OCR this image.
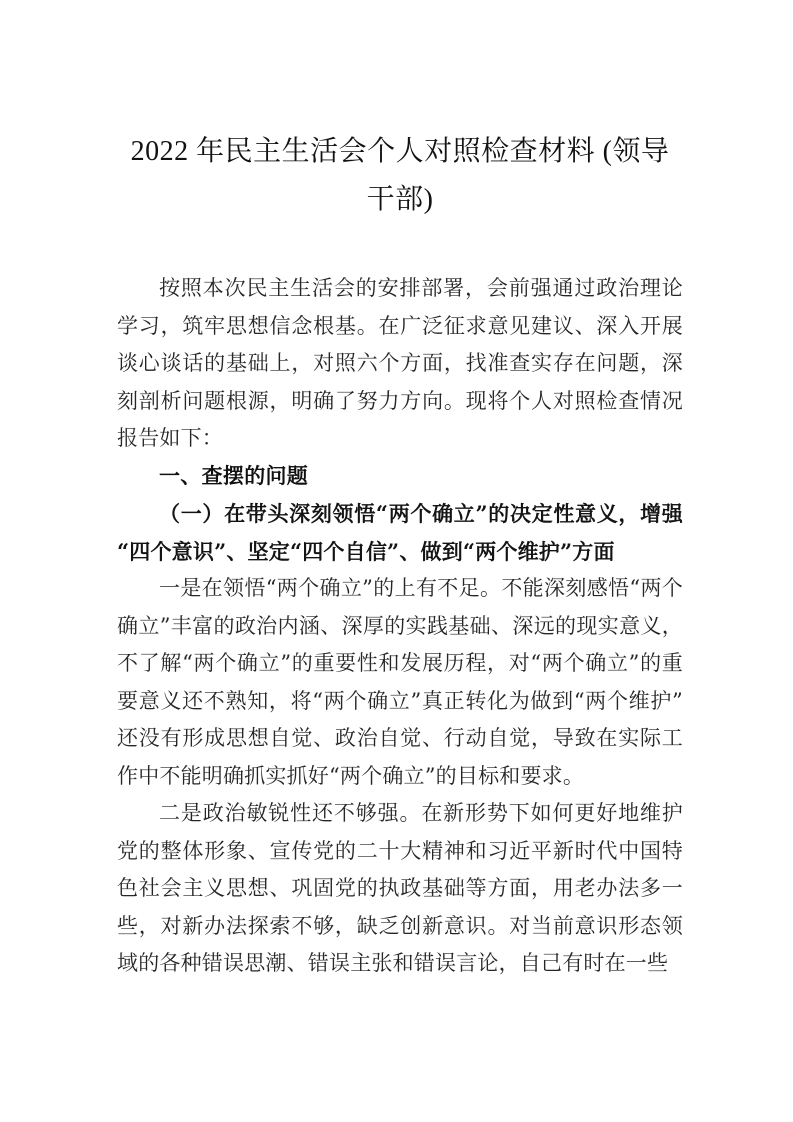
2022 年民主生活会个人对照检查材料 (领导干部)

按照本次民主生活会的安排部署，会前强通过政治理论学习，筑牢思想信念根基。在广泛征求意见建议、深入开展谈心谈话的基础上，对照六个方面，找准查实存在问题，深刻剖析问题根源，明确了努力方向。现将个人对照检查情况报告如下：

一、查摆的问题
（一）在带头深刻领悟“两个确立”的决定性意义，增强“四个意识”、坚定“四个自信”、做到“两个维护”方面

一是在领悟“两个确立”的上有不足。不能深刻感悟“两个确立”丰富的政治内涵、深厚的实践基础、深远的现实意义，不了解“两个确立”的重要性和发展历程，对“两个确立”的重要意义还不熟知，将“两个确立”真正转化为做到“两个维护”还没有形成思想自觉、政治自觉、行动自觉，导致在实际工作中不能明确抓实抓好“两个确立”的目标和要求。

二是政治敏锐性还不够强。在新形势下如何更好地维护党的整体形象、宣传党的二十大精神和习近平新时代中国特色社会主义思想、巩固党的执政基础等方面，用老办法多一些，对新办法探索不够，缺乏创新意识。对当前意识形态领域的各种错误思潮、错误主张和错误言论，自己有时在一些
